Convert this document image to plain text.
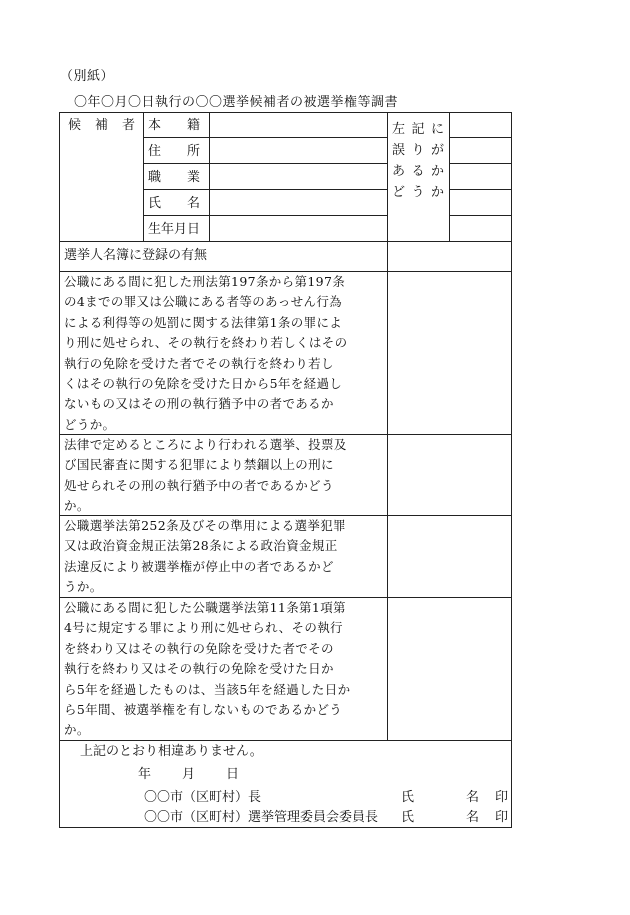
（別紙）
〇年〇月〇日執行の〇〇選挙候補者の被選挙権等調書
候 補 者 本 籍
住 所
職 業
氏 名
生 年 月 日
左 記 に
誤 り が
あ る か
ど う か
選挙人名簿に登録の有無
公職にある間に犯した刑法第197条から第197条
の4までの罪又は公職にある者等のあっせん行為
による利得等の処罰に関する法律第1条の罪によ
り刑に処せられ、その執行を終わり若しくはその
執行の免除を受けた者でその執行を終わり若し
くはその執行の免除を受けた日から5年を経過し
ないもの又はその刑の執行猶予中の者であるか
どうか。
法律で定めるところにより行われる選挙、投票及
び国民審査に関する犯罪により禁錮以上の刑に
処せられその刑の執行猶予中の者であるかどう
か。
公職選挙法第252条及びその準用による選挙犯罪
又は政治資金規正法第28条による政治資金規正
法違反により被選挙権が停止中の者であるかど
うか。
公職にある間に犯した公職選挙法第11条第1項第
4号に規定する罪により刑に処せられ、その執行
を終わり又はその執行の免除を受けた者でその
執行を終わり又はその執行の免除を受けた日か
ら5年を経過したものは、当該5年を経過した日か
ら5年間、被選挙権を有しないものであるかどう
か。
上記のとおり相違ありません。
年 月 日
〇〇市（区町村）長	氏	名 印
〇〇市（区町村）選挙管理委員会委員長 氏	名 印
